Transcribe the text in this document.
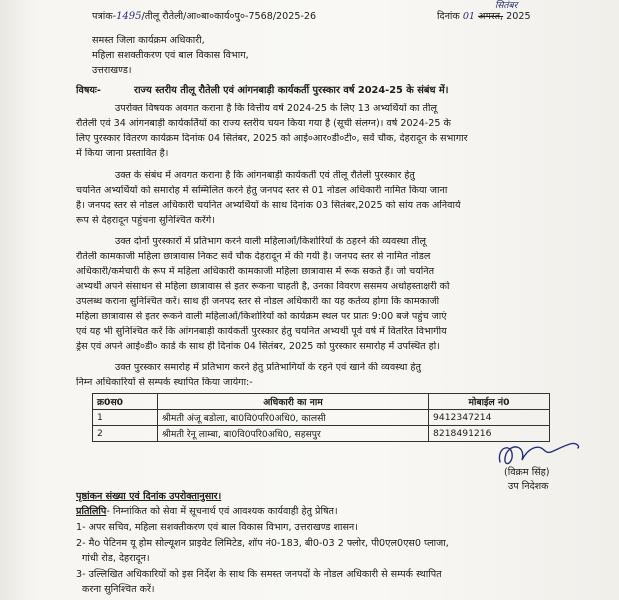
पत्रांक-1495/तीलू रौतेली/आ०बा०कार्य०पु०-7568/2025-26
सितंबर
दिनांक 01 अगस्त, 2025
समस्त जिला कार्यक्रम अधिकारी,
महिला सशक्तीकरण एवं बाल विकास विभाग,
उत्तराखण्ड।
विषयः-	राज्य स्तरीय तीलू रौतेली एवं आंगनबाड़ी कार्यकर्ती पुरस्कार वर्ष 2024-25 के संबंध में।
उपरोक्त विषयक अवगत कराना है कि वित्तीय वर्ष 2024-25 के लिए 13 अभ्यर्थियों का तीलू
रौतेली एवं 34 आंगनबाड़ी कार्यकर्तियों का राज्य स्तरीय चयन किया गया है (सूची संलग्न)। वर्ष 2024-25 के
लिए पुरस्कार वितरण कार्यक्रम दिनांक 04 सितंबर, 2025 को आई०आर०डी०टी०, सर्वे चौक, देहरादून के सभागार
में किया जाना प्रस्तावित है।
उक्त के संबंध में अवगत कराना है कि आंगनबाड़ी कार्यकर्ती एवं तीलू रौतेली पुरस्कार हेतु
चयनित अभ्यर्थियों को समारोह में सम्मिलित करने हेतु जनपद स्तर से 01 नोडल अधिकारी नामित किया जाना
है। जनपद स्तर से नोडल अधिकारी चयनित अभ्यर्थियों के साथ दिनांक 03 सितंबर,2025 को सांय तक अनिवार्य
रूप से देहरादून पहुंचना सुनिश्चित करेंगे।
उक्त दोनों पुरस्कारों में प्रतिभाग करने वाली महिलाओं/किशोरियों के ठहरने की व्यवस्था तीलू
रौतेली कामकाजी महिला छात्रावास निकट सर्वे चौक देहरादून में की गयी है। जनपद स्तर से नामित नोडल
अधिकारी/कर्मचारी के रूप में महिला अधिकारी कामकाजी महिला छात्रावास में रूक सकते हैं। जो चयनित
अभ्यर्थी अपने संसाधन से महिला छात्रावास से इतर रूकना चाहती है, उनका विवरण ससमय अधोहस्ताक्षरी को
उपलब्ध कराना सुनिश्चित करें। साथ ही जनपद स्तर से नोडल अधिकारी का यह कर्तव्य होगा कि कामकाजी
महिला छात्रावास से इतर रूकने वाली महिलाओं/किशोरियों को कार्यक्रम स्थल पर प्रातः 9:00 बजे पहुंच जाएं
एवं यह भी सुनिश्चित करें कि आंगनबाड़ी कार्यकर्ती पुरस्कार हेतु चयनित अभ्यर्थी पूर्व वर्ष में वितरित विभागीय
ड्रेस एवं अपने आई०डी० कार्ड के साथ ही दिनांक 04 सितंबर, 2025 को पुरस्कार समारोह में उपस्थित हो।
उक्त पुरस्कार समारोह में प्रतिभाग करने हेतु प्रतिभागियों के रहने एवं खाने की व्यवस्था हेतु
निम्न अधिकारियों से सम्पर्क स्थापित किया जायेगा:-
क्र0स0	अधिकारी का नाम	मोबाईल नं0
1	श्रीमती अंजू बडोला, बा0वि0परि0अधि0, कालसी	9412347214
2	श्रीमती रेनू लाम्बा, बा0वि0परि0अधि0, सहसपुर	8218491216
(विक्रम सिंह)
उप निदेशक
पृष्ठांकन संख्या एवं दिनांक उपरोक्तानुसार।
प्रतिलिपि- निम्नांकित को सेवा में सूचनार्थ एवं आवश्यक कार्यवाही हेतु प्रेषित।
1- अपर सचिव, महिला सशक्तीकरण एवं बाल विकास विभाग, उत्तराखण्ड शासन।
2- मैo पेटिनम यू होम सोल्यूशन प्राइवेट लिमिटेड, शॉप नं0-183, बी0-03 2 फ्लोर, पी0एल0एस0 प्लाजा,
गांधी रोड, देहरादून।
3- उल्लिखित अधिकारियों को इस निर्देश के साथ कि समस्त जनपदों के नोडल अधिकारी से सम्पर्क स्थापित
करना सुनिश्चित करें।
